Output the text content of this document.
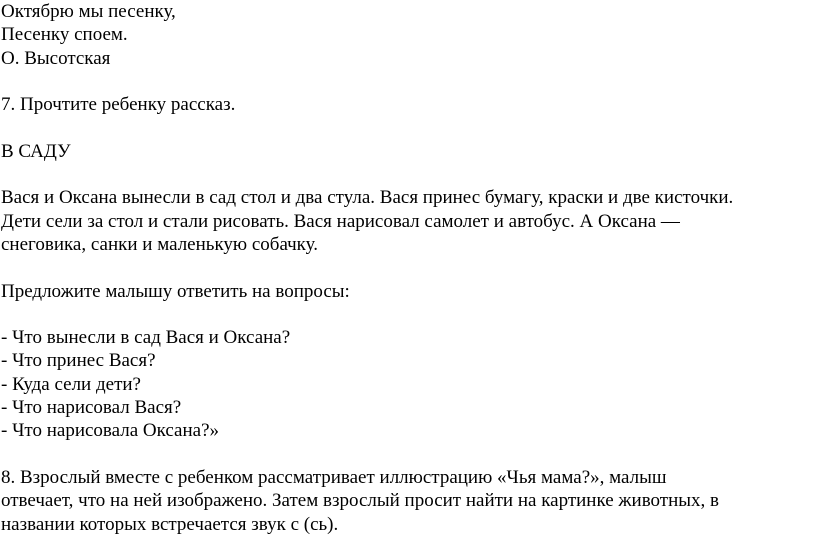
Октябрю мы песенку,
Песенку споем.
О. Высотская
7. Прочтите ребенку рассказ.
В САДУ
Вася и Оксана вынесли в сад стол и два стула. Вася принес бумагу, краски и две кисточки.
Дети сели за стол и стали рисовать. Вася нарисовал самолет и автобус. А Оксана —
снеговика, санки и маленькую собачку.
Предложите малышу ответить на вопросы:
- Что вынесли в сад Вася и Оксана?
- Что принес Вася?
- Куда сели дети?
- Что нарисовал Вася?
- Что нарисовала Оксана?»
8. Взрослый вместе с ребенком рассматривает иллюстрацию «Чья мама?», малыш
отвечает, что на ней изображено. Затем взрослый просит найти на картинке животных, в
названии которых встречается звук с (сь).
